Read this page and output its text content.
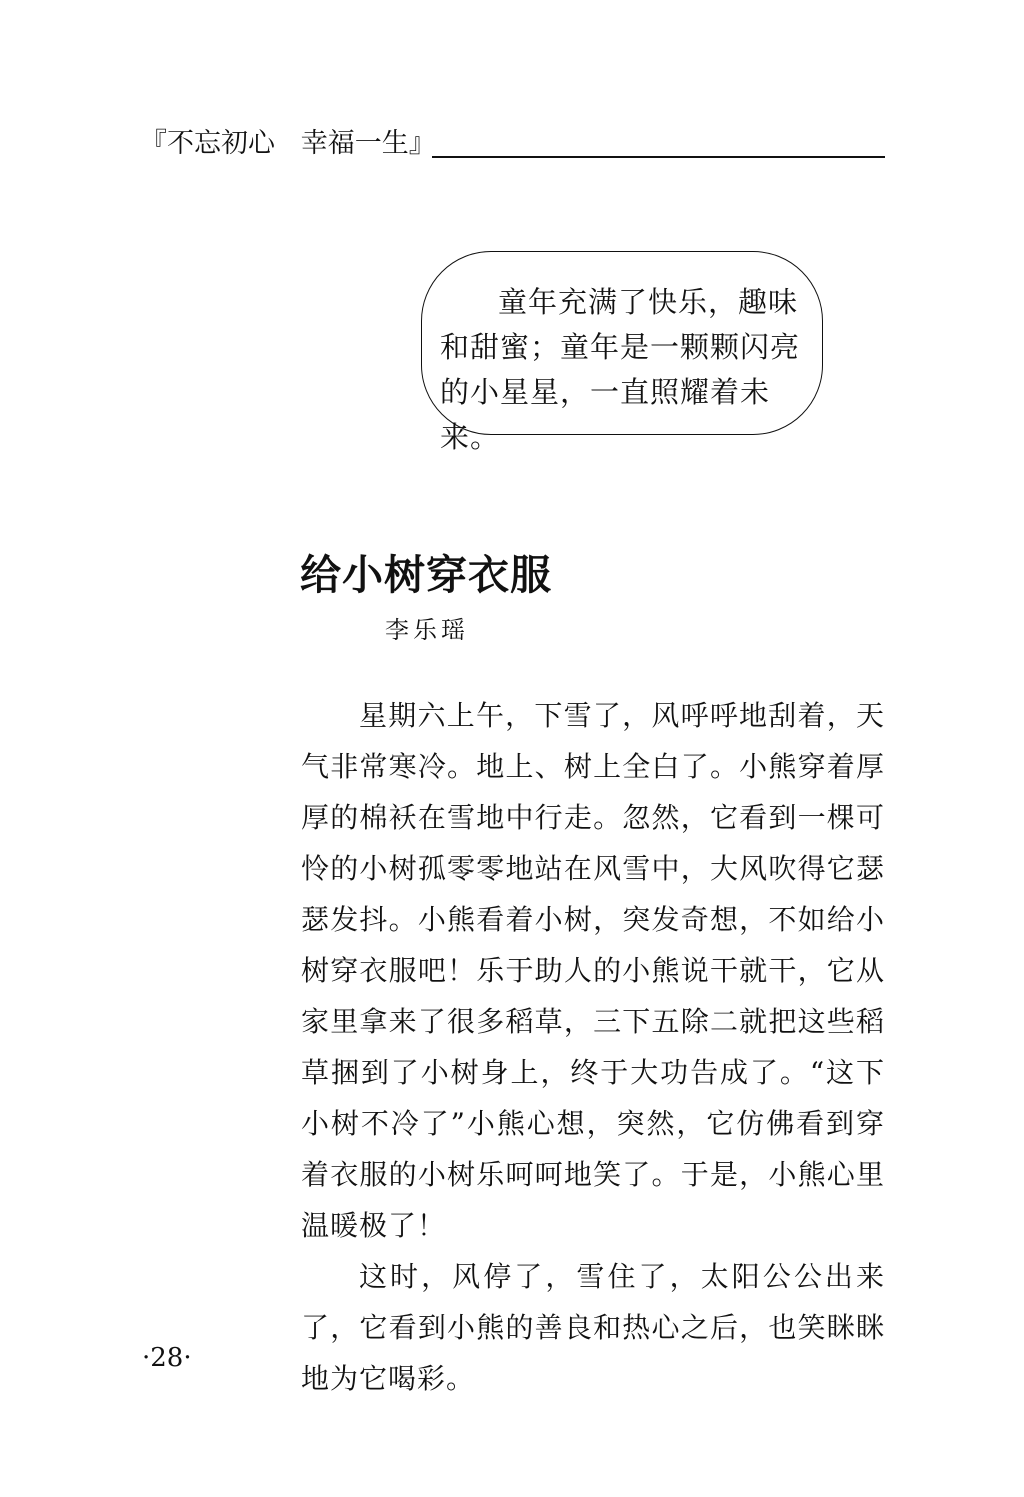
『不忘初心   幸福一生』

童年充满了快乐，趣味和甜蜜；童年是一颗颗闪亮的小星星，一直照耀着未来。

给小树穿衣服

李乐瑶

星期六上午，下雪了，风呼呼地刮着，天气非常寒冷。地上、树上全白了。小熊穿着厚厚的棉袄在雪地中行走。忽然，它看到一棵可怜的小树孤零零地站在风雪中，大风吹得它瑟瑟发抖。小熊看着小树，突发奇想，不如给小树穿衣服吧！乐于助人的小熊说干就干，它从家里拿来了很多稻草，三下五除二就把这些稻草捆到了小树身上，终于大功告成了。“这下小树不冷了”小熊心想，突然，它仿佛看到穿着衣服的小树乐呵呵地笑了。于是，小熊心里温暖极了！

这时，风停了，雪住了，太阳公公出来了，它看到小熊的善良和热心之后，也笑眯眯地为它喝彩。

·28·
